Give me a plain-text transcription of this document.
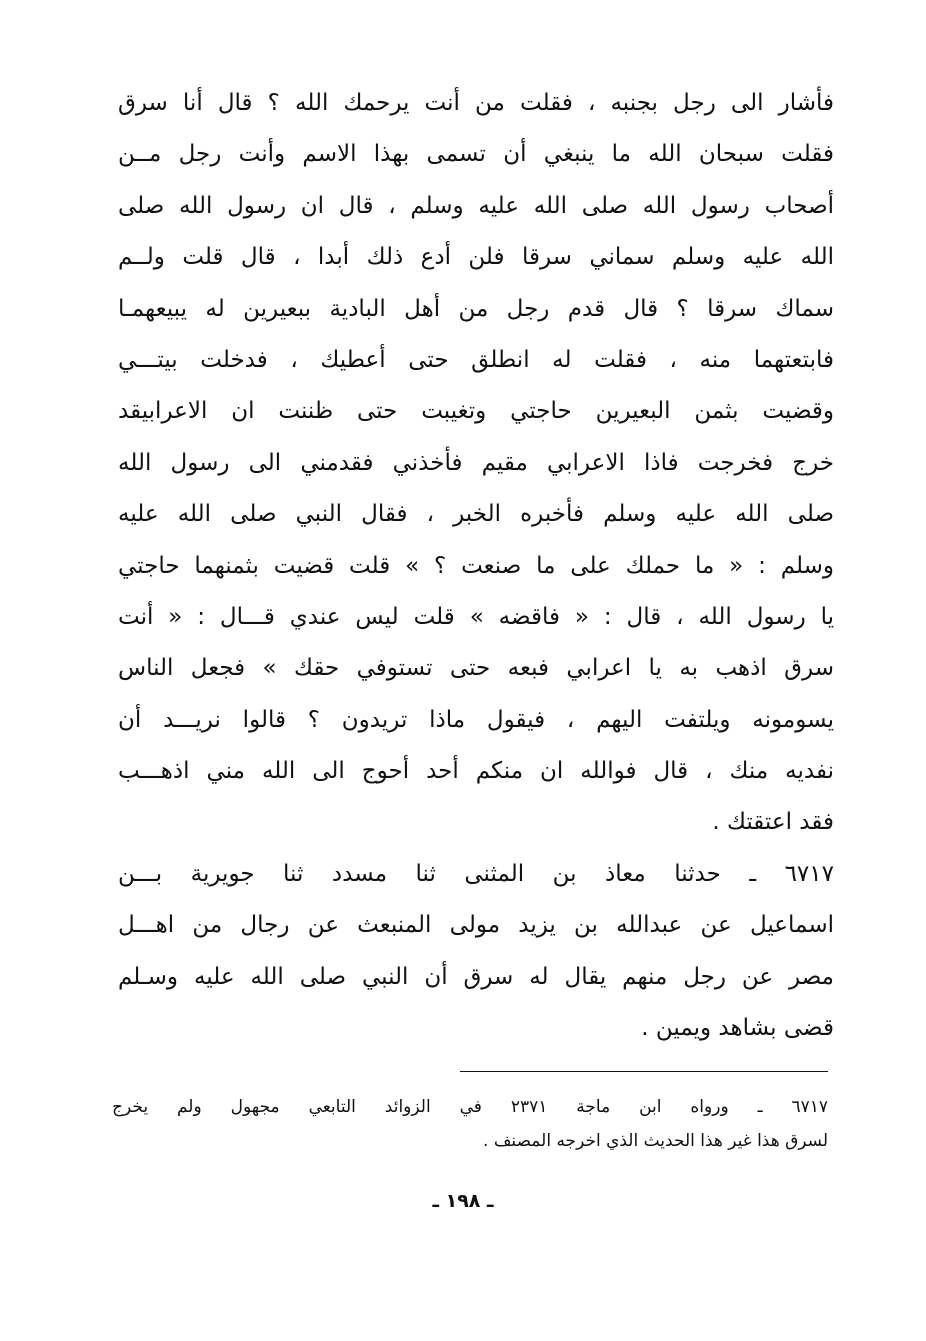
فأشار الى رجل بجنبه ، فقلت من أنت يرحمك الله ؟ قال أنا سرق
فقلت سبحان الله ما ينبغي أن تسمى بهذا الاسم وأنت رجل مــن
أصحاب رسول الله صلى الله عليه وسلم ، قال ان رسول الله صلى
الله عليه وسلم سماني سرقا فلن أدع ذلك أبدا ، قال قلت ولــم
سماك سرقا ؟ قال قدم رجل من أهل البادية ببعيرين له يبيعهمـا
فابتعتهما منه ، فقلت له انطلق حتى أعطيك ، فدخلت بيتـــي
وقضيت بثمن البعيرين حاجتي وتغيبت حتى ظننت ان الاعرابيقد
خرج فخرجت فاذا الاعرابي مقيم فأخذني فقدمني الى رسول الله
صلى الله عليه وسلم فأخبره الخبر ، فقال النبي صلى الله عليه
وسلم : « ما حملك على ما صنعت ؟ » قلت قضيت بثمنهما حاجتي
يا رسول الله ، قال : « فاقضه » قلت ليس عندي قـــال : « أنت
سرق اذهب به يا اعرابي فبعه حتى تستوفي حقك » فجعل الناس
يسومونه ويلتفت اليهم ، فيقول ماذا تريدون ؟ قالوا نريـــد أن
نفديه منك ، قال فوالله ان منكم أحد أحوج الى الله مني اذهـــب
فقد اعتقتك .
٦٧١٧ ـ حدثنا معاذ بن المثنى ثنا مسدد ثنا جويرية بـــن
اسماعيل عن عبدالله بن يزيد مولى المنبعث عن رجال من اهـــل
مصر عن رجل منهم يقال له سرق أن النبي صلى الله عليه وسـلم
قضى بشاهد ويمين .
٦٧١٧ ـ ورواه ابن ماجة ٢٣٧١ في الزوائد التابعي مجهول ولم يخرج
لسرق هذا غير هذا الحديث الذي اخرجه المصنف .
ـ ١٩٨ ـ
